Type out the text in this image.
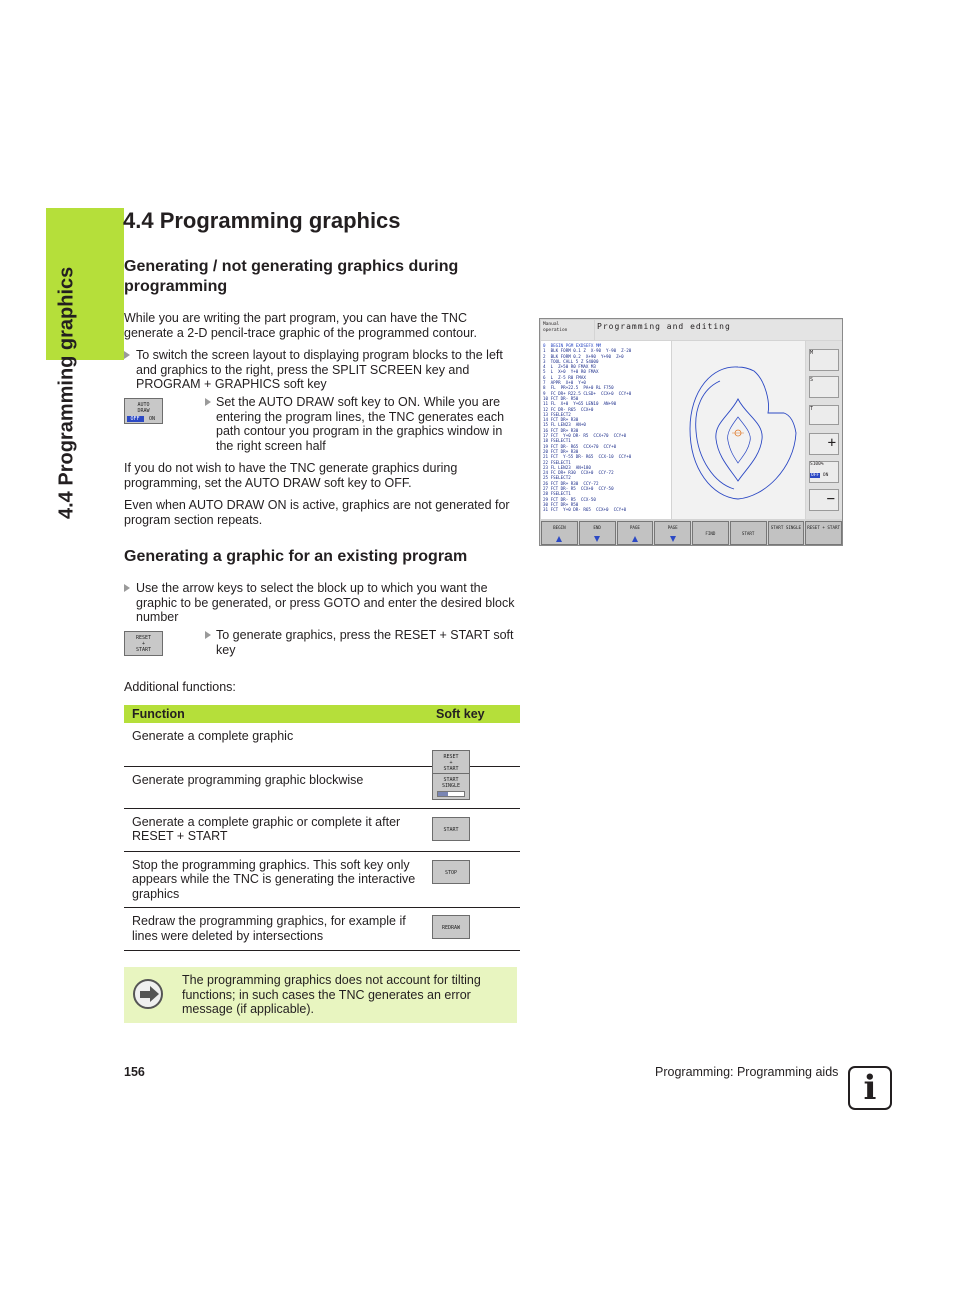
4.4 Programming graphics
4.4 Programming graphics
Generating / not generating graphics during programming

While you are writing the part program, you can have the TNC generate a 2-D pencil-trace graphic of the programmed contour.

To switch the screen layout to displaying program blocks to the left and graphics to the right, press the SPLIT SCREEN key and PROGRAM + GRAPHICS soft key

AUTO
DRAW
OFF	ON

Set the AUTO DRAW soft key to ON. While you are entering the program lines, the TNC generates each path contour you program in the graphics window in the right screen half

If you do not wish to have the TNC generate graphics during programming, set the AUTO DRAW soft key to OFF.

Even when AUTO DRAW ON is active, graphics are not generated for program section repeats.

Generating a graphic for an existing program

Use the arrow keys to select the block up to which you want the graphic to be generated, or press GOTO and enter the desired block number

RESET
+
START

To generate graphics, press the RESET + START soft key

Additional functions:

Function	Soft key
Generate a complete graphic	RESET
+
START

Generate programming graphic blockwise	START
SINGLE

Generate a complete graphic or complete it after RESET + START	START

Stop the programming graphics. This soft key only appears while the TNC is generating the interactive graphics	STOP

Redraw the programming graphics, for example if lines were deleted by intersections	REDRAW

The programming graphics does not account for tilting functions; in such cases the TNC generates an error message (if applicable).

156	Programming: Programming aids i
Manual
operation	Programming and editing
0  BEGIN PGM EXDSEFX MM
1  BLK FORM 0.1 Z  X-90  Y-90  Z-20
2  BLK FORM 0.2  X+90  Y+90  Z+0
3  TOOL CALL 5 Z S4000
4  L  Z+50 R0 FMAX M3
5  L  X+0  Y+0 R0 FMAX
6  L  Z-5 R0 FMAX
7  APPR  X+0  Y+0
8  FL  PR+22.5  PA+0 RL F750
9  FC DR+ R22.5 CLSD+  CCX+0  CCY+0
10 FCT DR- R50
11 FL  X+0  Y+65 LEN10  AN+90
12 FC DR- R65  CCX+0
13 FSELECT2
14 FCT DR+ R30
15 FL LEN23  AN+0
16 FCT DR+ R30
17 FCT  Y+0 DR- R5  CCX+70  CCY+0
18 FSELECT1
19 FCT DR- R65  CCX+70  CCY+0
20 FCT DR+ R30
21 FCT  Y-55 DR- R65  CCX-10  CCY+0
22 FSELECT1
23 FL LEN23  AN+180
24 FC DR+ R30  CCX+0  CCY-72
25 FSELECT2
26 FCT DR+ R30  CCY-72
27 FCT DR- R5  CCX+0  CCY-50
28 FSELECT1
29 FCT DR- R5  CCX-50
30 FCT DR+ R50
31 FCT  Y+0 DR- R65  CCX+0  CCY+0
M
S
T
+
S100%
OFF ON
−
BEGIN	END	PAGE	PAGE
FIND	START
START SINGLE	RESET + START
